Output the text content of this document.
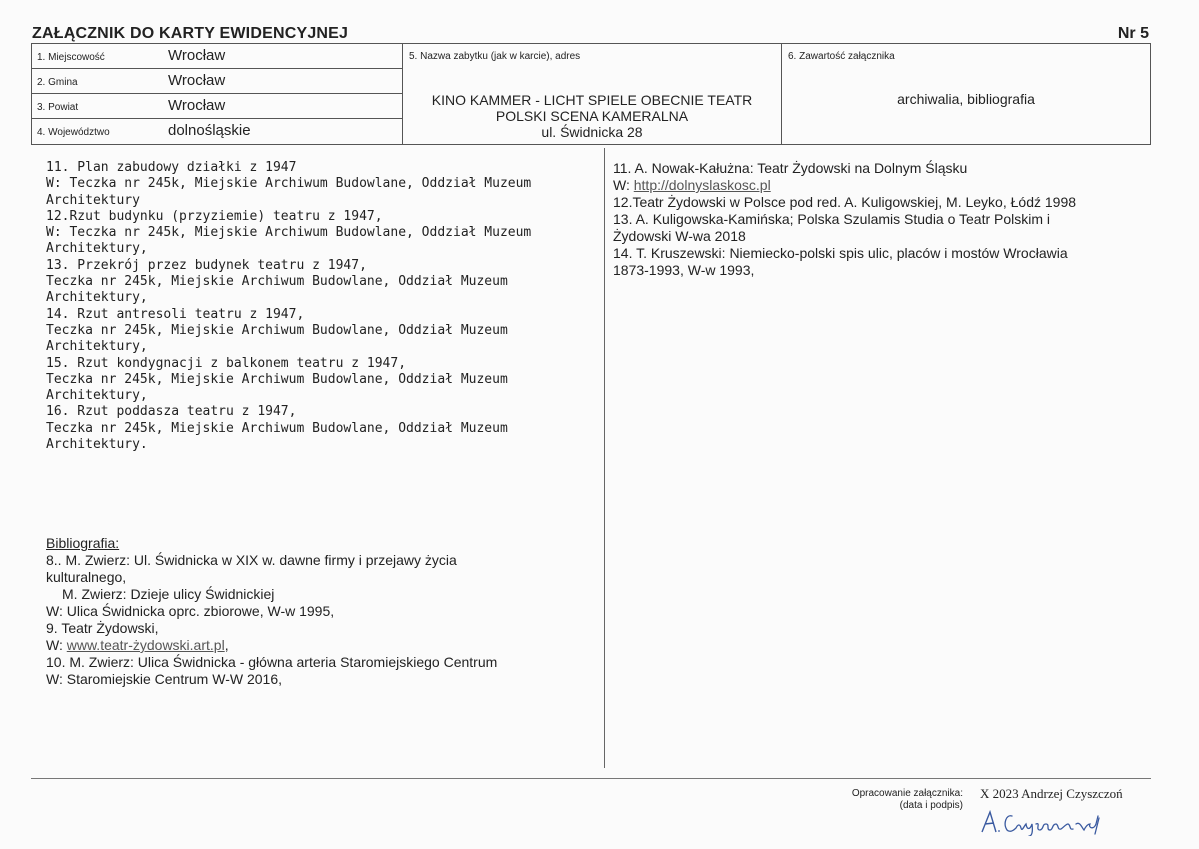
ZAŁĄCZNIK DO KARTY EWIDENCYJNEJ	Nr 5
1. Miejscowość	Wrocław
2. Gmina	Wrocław
3. Powiat	Wrocław
4. Województwo	dolnośląskie
5. Nazwa zabytku (jak w karcie), adres
KINO KAMMER - LICHT SPIELE OBECNIE TEATR
POLSKI SCENA KAMERALNA
ul. Świdnicka 28
6. Zawartość załącznika
archiwalia, bibliografia
11. Plan zabudowy działki z 1947
W: Teczka nr 245k, Miejskie Archiwum Budowlane, Oddział Muzeum
Architektury
12.Rzut budynku (przyziemie) teatru z 1947,
W: Teczka nr 245k, Miejskie Archiwum Budowlane, Oddział Muzeum
Architektury,
13. Przekrój przez budynek teatru z 1947,
Teczka nr 245k, Miejskie Archiwum Budowlane, Oddział Muzeum
Architektury,
14. Rzut antresoli teatru z 1947,
Teczka nr 245k, Miejskie Archiwum Budowlane, Oddział Muzeum
Architektury,
15. Rzut kondygnacji z balkonem teatru z 1947,
Teczka nr 245k, Miejskie Archiwum Budowlane, Oddział Muzeum
Architektury,
16. Rzut poddasza teatru z 1947,
Teczka nr 245k, Miejskie Archiwum Budowlane, Oddział Muzeum
Architektury.
Bibliografia:
8.. M. Zwierz: Ul. Świdnicka w XIX w. dawne firmy i przejawy życia
kulturalnego,
M. Zwierz: Dzieje ulicy Świdnickiej
W: Ulica Świdnicka oprc. zbiorowe, W-w 1995,
9. Teatr Żydowski,
W: www.teatr-żydowski.art.pl,
10. M. Zwierz: Ulica Świdnicka - główna arteria Staromiejskiego Centrum
W: Staromiejskie Centrum W-W 2016,
11. A. Nowak-Kałużna: Teatr Żydowski na Dolnym Śląsku
W: http://dolnyslaskosc.pl
12.Teatr Żydowski w Polsce pod red. A. Kuligowskiej, M. Leyko, Łódź 1998
13. A. Kuligowska-Kamińska; Polska Szulamis Studia o Teatr Polskim i
Żydowski W-wa 2018
14. T. Kruszewski: Niemiecko-polski spis ulic, placów i mostów Wrocławia
1873-1993, W-w 1993,
Opracowanie załącznika:
(data i podpis)
X 2023 Andrzej Czyszczoń
